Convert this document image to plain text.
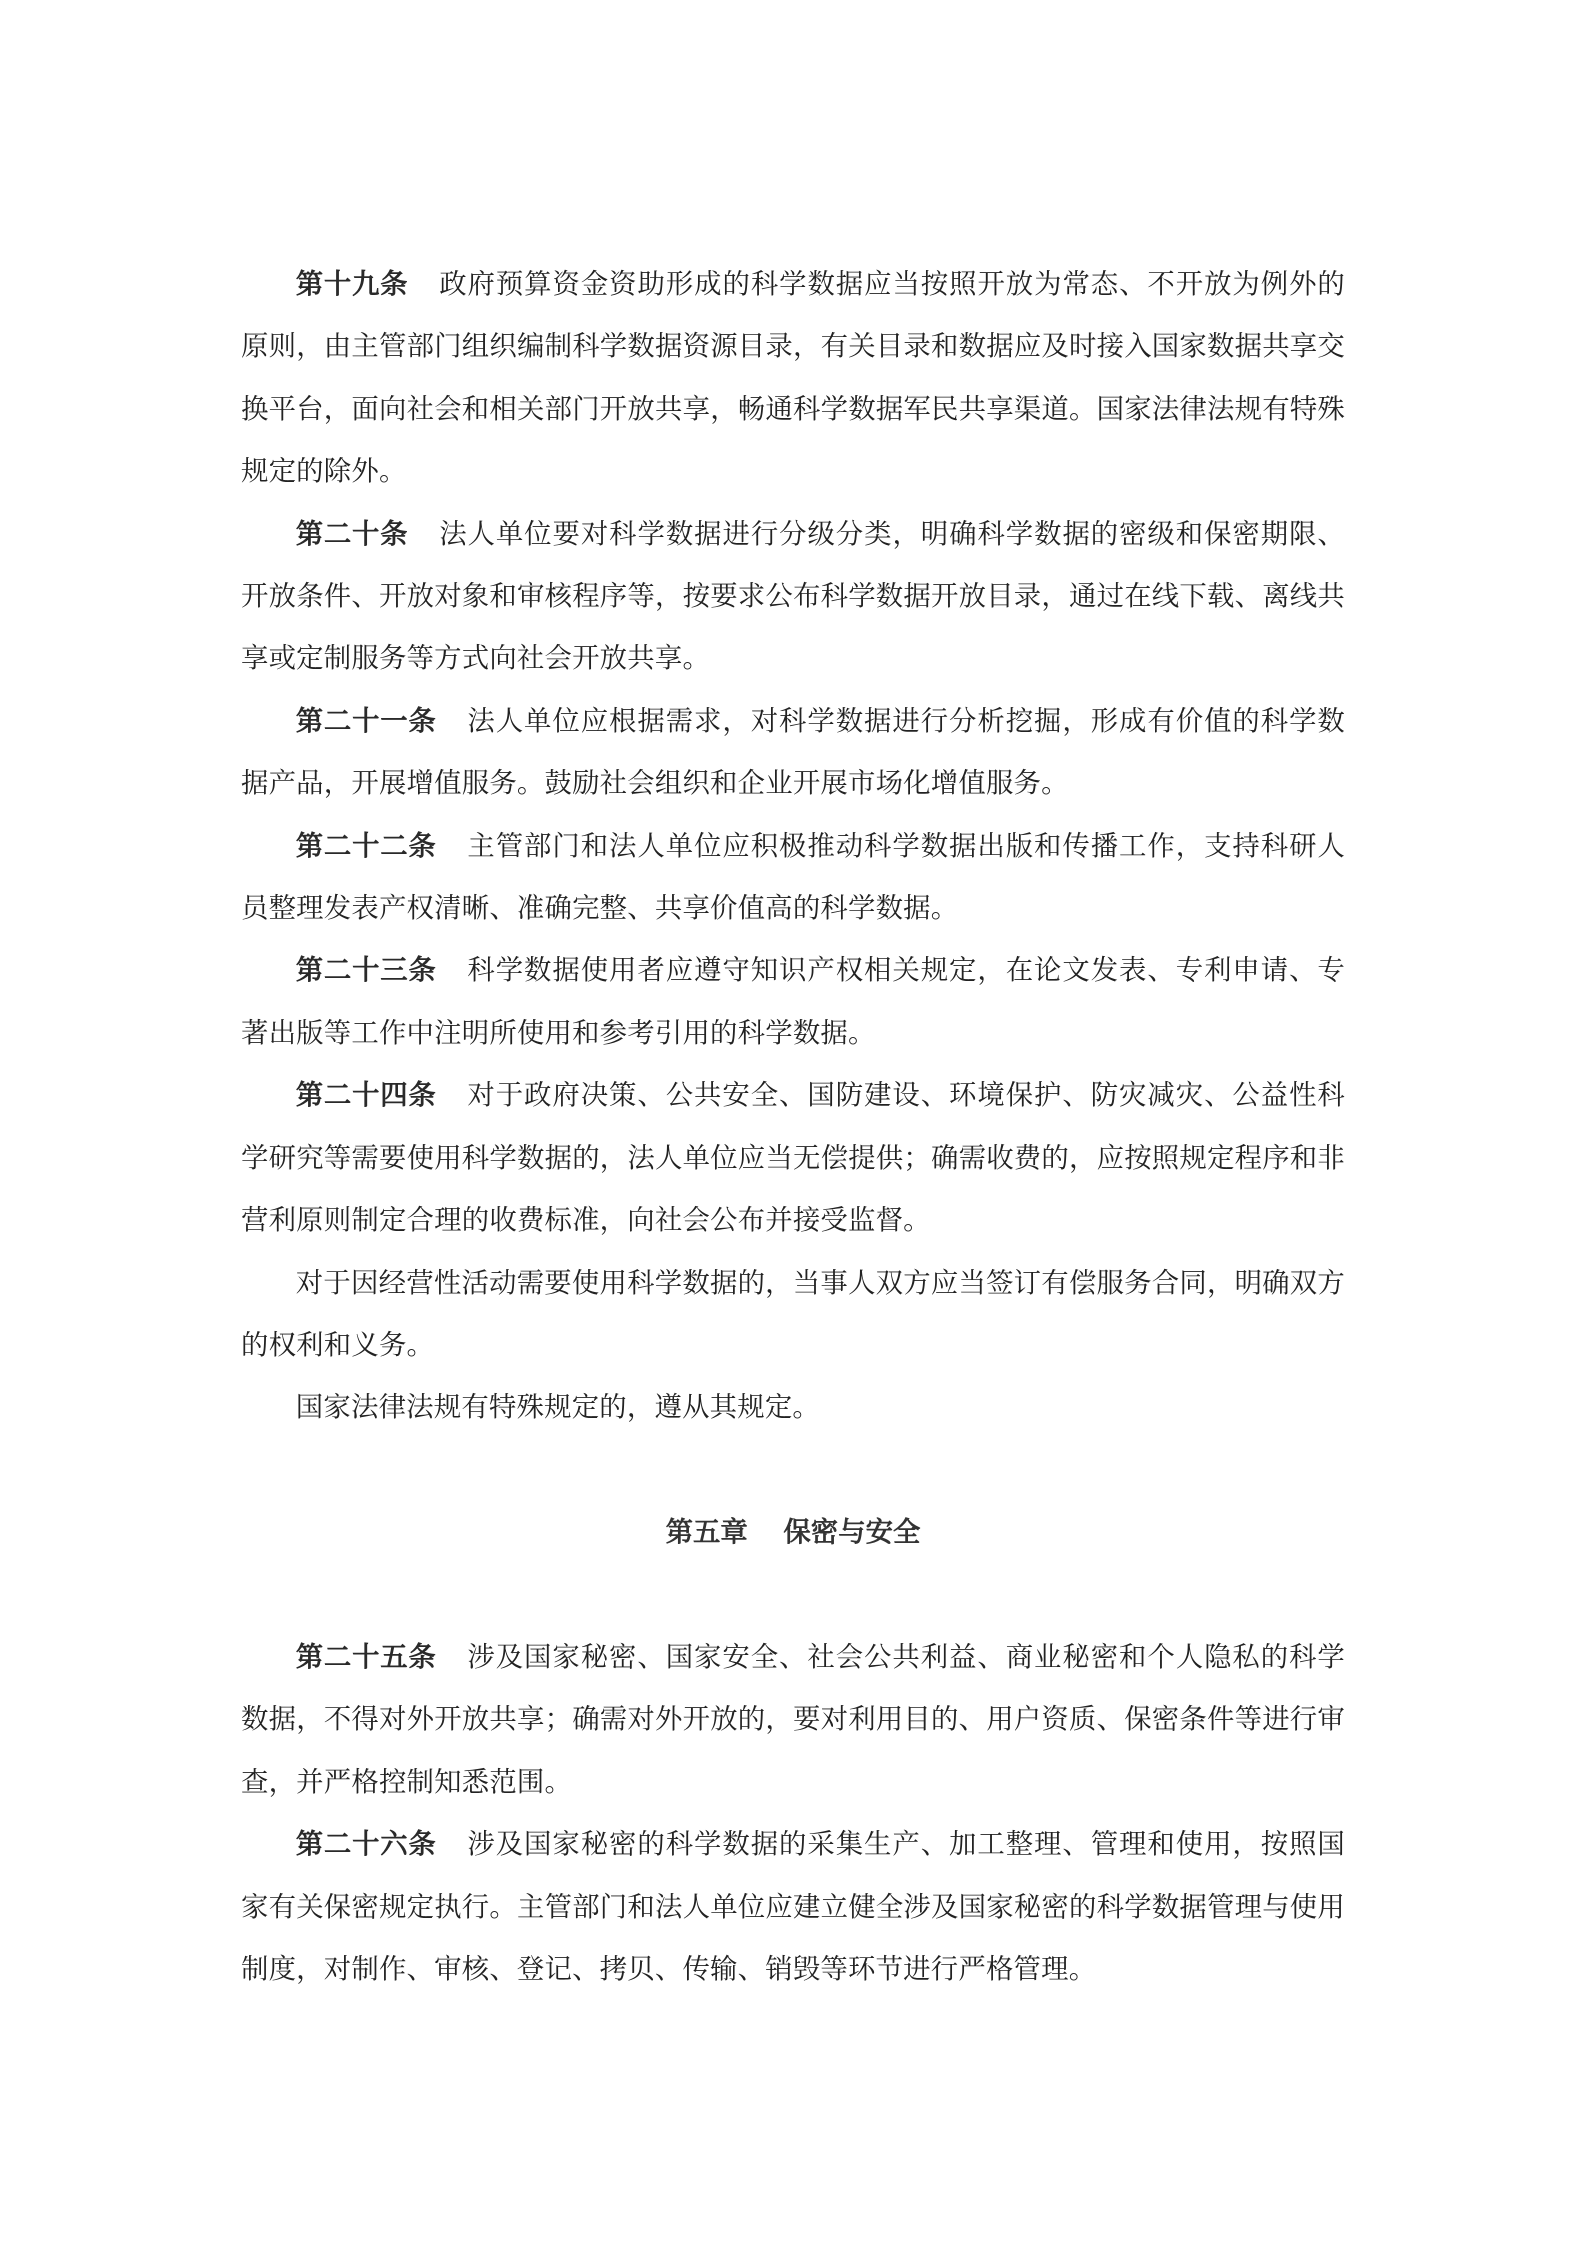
第十九条 政府预算资金资助形成的科学数据应当按照开放为常态、不开放为例外的原则，由主管部门组织编制科学数据资源目录，有关目录和数据应及时接入国家数据共享交换平台，面向社会和相关部门开放共享，畅通科学数据军民共享渠道。国家法律法规有特殊规定的除外。

第二十条 法人单位要对科学数据进行分级分类，明确科学数据的密级和保密期限、开放条件、开放对象和审核程序等，按要求公布科学数据开放目录，通过在线下载、离线共享或定制服务等方式向社会开放共享。

第二十一条 法人单位应根据需求，对科学数据进行分析挖掘，形成有价值的科学数据产品，开展增值服务。鼓励社会组织和企业开展市场化增值服务。

第二十二条 主管部门和法人单位应积极推动科学数据出版和传播工作，支持科研人员整理发表产权清晰、准确完整、共享价值高的科学数据。

第二十三条 科学数据使用者应遵守知识产权相关规定，在论文发表、专利申请、专著出版等工作中注明所使用和参考引用的科学数据。

第二十四条 对于政府决策、公共安全、国防建设、环境保护、防灾减灾、公益性科学研究等需要使用科学数据的，法人单位应当无偿提供；确需收费的，应按照规定程序和非营利原则制定合理的收费标准，向社会公布并接受监督。

对于因经营性活动需要使用科学数据的，当事人双方应当签订有偿服务合同，明确双方的权利和义务。

国家法律法规有特殊规定的，遵从其规定。

第五章 保密与安全

第二十五条 涉及国家秘密、国家安全、社会公共利益、商业秘密和个人隐私的科学数据，不得对外开放共享；确需对外开放的，要对利用目的、用户资质、保密条件等进行审查，并严格控制知悉范围。

第二十六条 涉及国家秘密的科学数据的采集生产、加工整理、管理和使用，按照国家有关保密规定执行。主管部门和法人单位应建立健全涉及国家秘密的科学数据管理与使用制度，对制作、审核、登记、拷贝、传输、销毁等环节进行严格管理。
